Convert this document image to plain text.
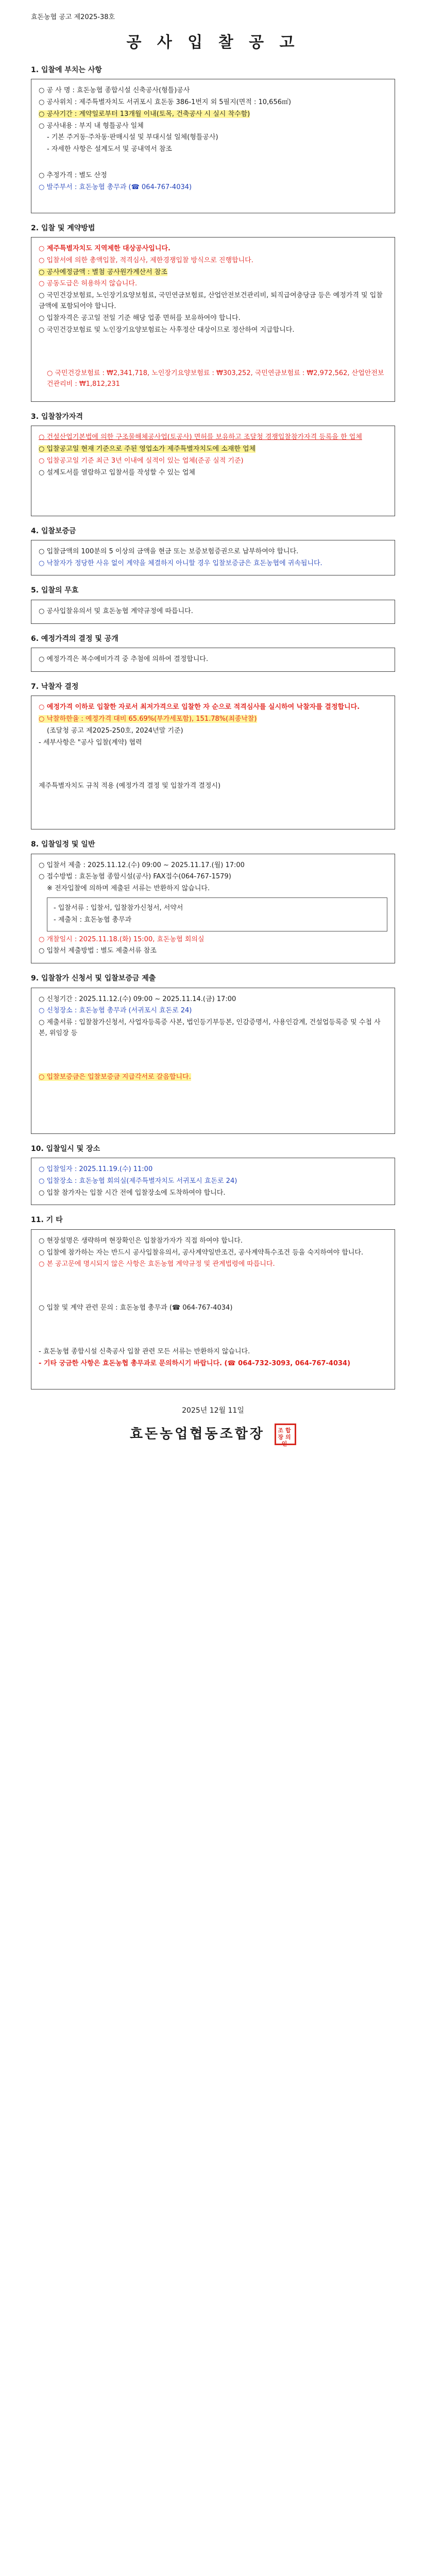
효돈농협 공고 제2025-38호
공 사 입 찰 공 고
1. 입찰에 부치는 사항
○ 공 사 명 : 효돈농협 종합시설 신축공사(형틀)공사
○ 공사위치 : 제주특별자치도 서귀포시 효돈동 386-1번지 외 5필지(면적 : 10,656㎡)
○ 공사기간 : 계약일로부터 13개월 이내(토목, 건축공사 시 실시 착수함)
○ 공사내용 : 부지 내 형틀공사 일체
- 기본 주거동·주차동·판매시설 및 부대시설 일체(형틀공사)
- 자세한 사항은 설계도서 및 공내역서 참조
○ 추정가격 : 별도 산정
○ 발주부서 : 효돈농협 총무과 (☎ 064-767-4034)
2. 입찰 및 계약방법
○ 제주특별자치도 지역제한 대상공사입니다.
○ 입찰서에 의한 총액입찰, 적격심사, 제한경쟁입찰 방식으로 진행합니다.
○ 공사예정금액 : 별첨 공사원가계산서 참조
○ 공동도급은 허용하지 않습니다.
○ 국민건강보험료, 노인장기요양보험료, 국민연금보험료, 산업안전보건관리비, 퇴직급여충당금 등은 예정가격 및 입찰금액에 포함되어야 합니다.
○ 입찰자격은 공고일 전일 기준 해당 업종 면허를 보유하여야 합니다.
○ 국민건강보험료 및 노인장기요양보험료는 사후정산 대상이므로 정산하여 지급합니다.
○ 국민건강보험료 : ₩2,341,718, 노인장기요양보험료 : ₩303,252, 국민연금보험료 : ₩2,972,562, 산업안전보건관리비 : ₩1,812,231
3. 입찰참가자격
○ 건설산업기본법에 의한 구조물해체공사업(토공사) 면허를 보유하고 조달청 경쟁입찰참가자격 등록을 한 업체
○ 입찰공고일 현재 기준으로 주된 영업소가 제주특별자치도에 소재한 업체
○ 입찰공고일 기준 최근 3년 이내에 실적이 있는 업체(준공 실적 기준)
○ 설계도서를 열람하고 입찰서를 작성할 수 있는 업체
4. 입찰보증금
○ 입찰금액의 100분의 5 이상의 금액을 현금 또는 보증보험증권으로 납부하여야 합니다.
○ 낙찰자가 정당한 사유 없이 계약을 체결하지 아니할 경우 입찰보증금은 효돈농협에 귀속됩니다.
5. 입찰의 무효
○ 공사입찰유의서 및 효돈농협 계약규정에 따릅니다.
6. 예정가격의 결정 및 공개
○ 예정가격은 복수예비가격 중 추첨에 의하여 결정합니다.
7. 낙찰자 결정
○ 예정가격 이하로 입찰한 자로서 최저가격으로 입찰한 자 순으로 적격심사를 실시하여 낙찰자를 결정합니다.
○ 낙찰하한율 : 예정가격 대비 65.69%(부가세포함), 151.78%(최종낙찰)
(조달청 공고 제2025-250호, 2024년말 기준)
- 세부사항은 "공사 입찰(계약) 협력
제주특별자치도 규칙 적용 (예정가격 결정 및 입찰가격 결정시)
8. 입찰일정 및 일반
○ 입찰서 제출 : 2025.11.12.(수) 09:00 ~ 2025.11.17.(월) 17:00
○ 접수방법 : 효돈농협 종합시설(공사) FAX접수(064-767-1579)
※ 전자입찰에 의하며 제출된 서류는 반환하지 않습니다.
- 입찰서류 : 입찰서, 입찰참가신청서, 서약서
- 제출처 : 효돈농협 총무과
○ 개찰일시 : 2025.11.18.(화) 15:00, 효돈농협 회의실
○ 입찰서 제출방법 : 별도 제출서류 참조
9. 입찰참가 신청서 및 입찰보증금 제출
○ 신청기간 : 2025.11.12.(수) 09:00 ~ 2025.11.14.(금) 17:00
○ 신청장소 : 효돈농협 총무과 (서귀포시 효돈로 24)
○ 제출서류 : 입찰참가신청서, 사업자등록증 사본, 법인등기부등본, 인감증명서, 사용인감계, 건설업등록증 및 수첩 사본, 위임장 등
○ 입찰보증금은 입찰보증금 지급각서로 갈음합니다.
10. 입찰일시 및 장소
○ 입찰일자 : 2025.11.19.(수) 11:00
○ 입찰장소 : 효돈농협 회의실(제주특별자치도 서귀포시 효돈로 24)
○ 입찰 참가자는 입찰 시간 전에 입찰장소에 도착하여야 합니다.
11. 기 타
○ 현장설명은 생략하며 현장확인은 입찰참가자가 직접 하여야 합니다.
○ 입찰에 참가하는 자는 반드시 공사입찰유의서, 공사계약일반조건, 공사계약특수조건 등을 숙지하여야 합니다.
○ 본 공고문에 명시되지 않은 사항은 효돈농협 계약규정 및 관계법령에 따릅니다.
○ 입찰 및 계약 관련 문의 : 효돈농협 총무과 (☎ 064-767-4034)
- 효돈농협 종합시설 신축공사 입찰 관련 모든 서류는 반환하지 않습니다.
- 기타 궁금한 사항은 효돈농협 총무과로 문의하시기 바랍니다. (☎ 064-732-3093, 064-767-4034)
2025년 12월 11일
효돈농업협동조합장 조합장의인
